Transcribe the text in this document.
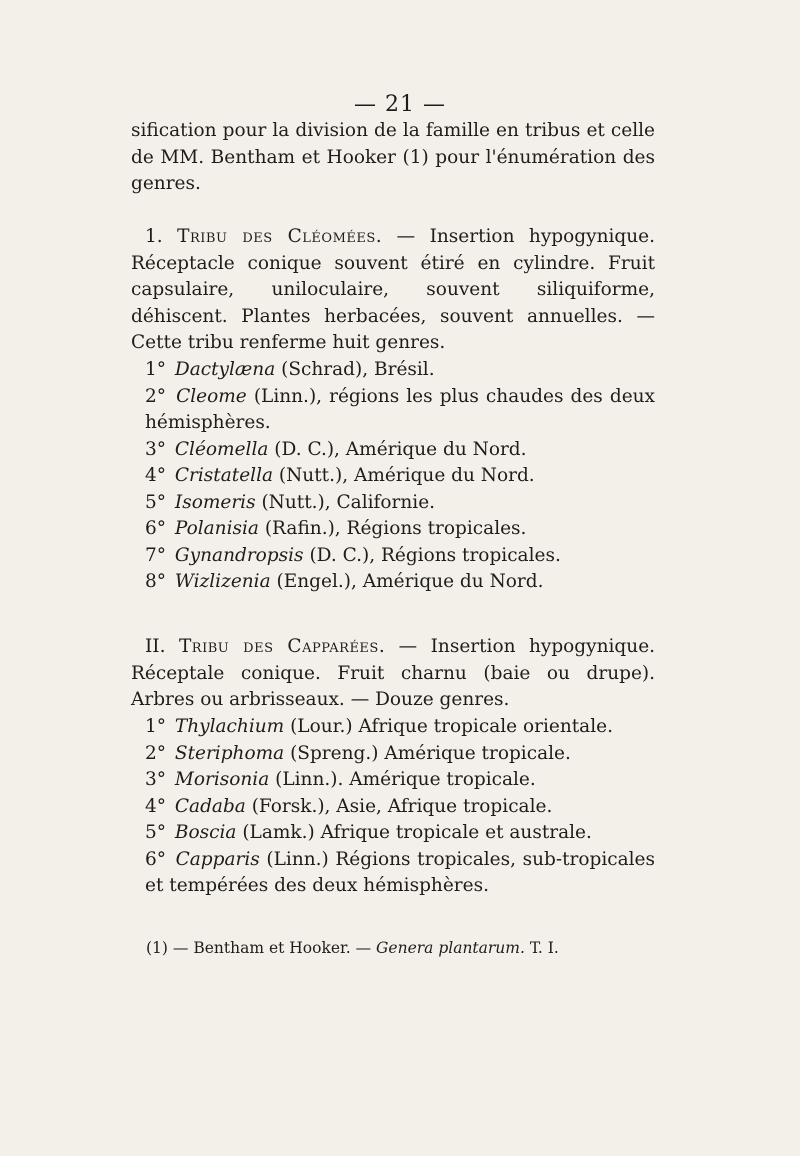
— 21 —
sification pour la division de la famille en tribus et celle de MM. Bentham et Hooker (1) pour l'énumération des genres.
1. Tribu des Cléomées. — Insertion hypogynique. Réceptacle conique souvent étiré en cylindre. Fruit capsulaire, uniloculaire, souvent siliquiforme, déhiscent. Plantes herbacées, souvent annuelles. — Cette tribu renferme huit genres.
1° Dactylæna (Schrad), Brésil.
2° Cleome (Linn.), régions les plus chaudes des deux hémisphères.
3° Cléomella (D. C.), Amérique du Nord.
4° Cristatella (Nutt.), Amérique du Nord.
5° Isomeris (Nutt.), Californie.
6° Polanisia (Rafin.), Régions tropicales.
7° Gynandropsis (D. C.), Régions tropicales.
8° Wizlizenia (Engel.), Amérique du Nord.
II. Tribu des Capparées. — Insertion hypogynique. Réceptale conique. Fruit charnu (baie ou drupe). Arbres ou arbrisseaux. — Douze genres.
1° Thylachium (Lour.) Afrique tropicale orientale.
2° Steriphoma (Spreng.) Amérique tropicale.
3° Morisonia (Linn.). Amérique tropicale.
4° Cadaba (Forsk.), Asie, Afrique tropicale.
5° Boscia (Lamk.) Afrique tropicale et australe.
6° Capparis (Linn.) Régions tropicales, sub-tropicales et tempérées des deux hémisphères.
(1) — Bentham et Hooker. — Genera plantarum. T. I.
